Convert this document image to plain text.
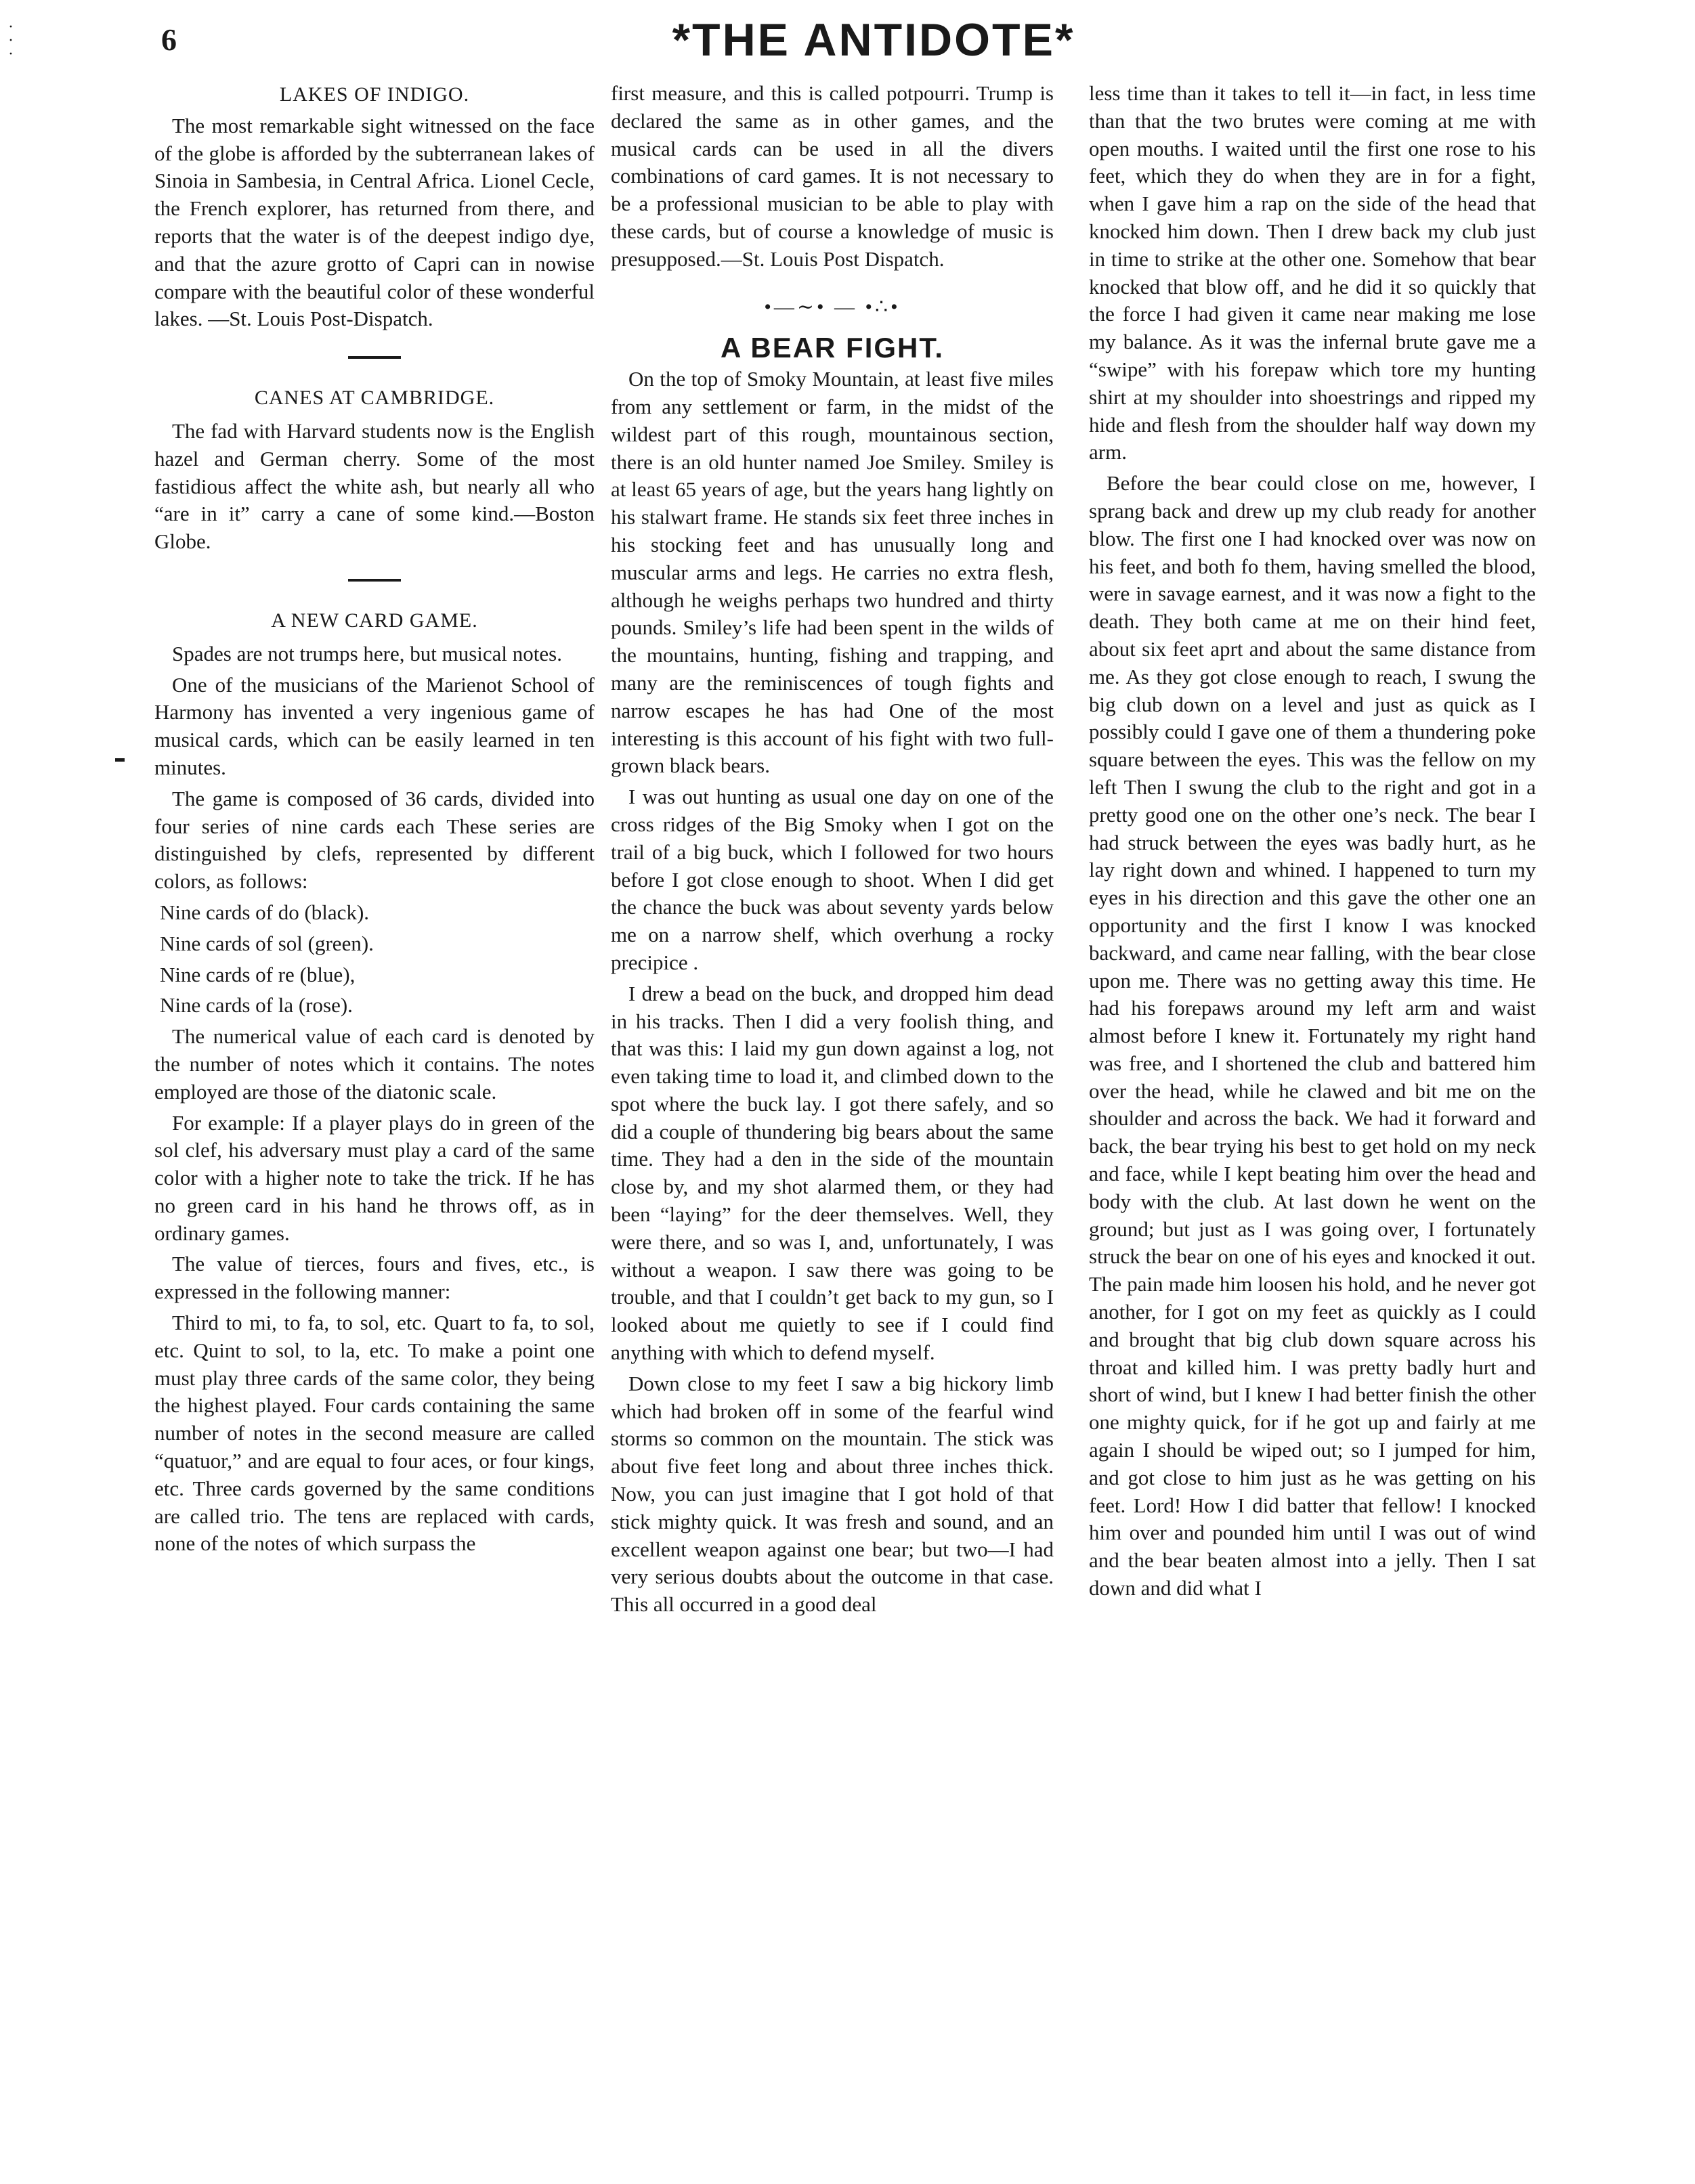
·
·
·	6	*THE ANTIDOTE*

LAKES OF INDIGO.

The most remarkable sight witnessed on the face of the globe is afforded by the subterranean lakes of Sinoia in Sambesia, in Central Africa. Lionel Cecle, the French explorer, has returned from there, and reports that the water is of the deepest indigo dye, and that the azure grotto of Capri can in nowise compare with the beautiful color of these wonderful lakes. —St. Louis Post-Dispatch.

CANES AT CAMBRIDGE.

The fad with Harvard students now is the English hazel and German cherry. Some of the most fastidious affect the white ash, but nearly all who “are in it” carry a cane of some kind.—Boston Globe.

A NEW CARD GAME.

Spades are not trumps here, but musical notes.

One of the musicians of the Marienot School of Harmony has invented a very ingenious game of musical cards, which can be easily learned in ten minutes.

The game is composed of 36 cards, divided into four series of nine cards each These series are distinguished by clefs, represented by different colors, as follows:

Nine cards of do (black).

Nine cards of sol (green).

Nine cards of re (blue),

Nine cards of la (rose).

The numerical value of each card is denoted by the number of notes which it contains. The notes employed are those of the diatonic scale.

For example: If a player plays do in green of the sol clef, his adversary must play a card of the same color with a higher note to take the trick. If he has no green card in his hand he throws off, as in ordinary games.

The value of tierces, fours and fives, etc., is expressed in the following manner:

Third to mi, to fa, to sol, etc. Quart to fa, to sol, etc. Quint to sol, to la, etc. To make a point one must play three cards of the same color, they being the highest played. Four cards containing the same number of notes in the second measure are called “quatuor,” and are equal to four aces, or four kings, etc. Three cards governed by the same conditions are called trio. The tens are replaced with cards, none of the notes of which surpass the

first measure, and this is called potpourri. Trump is declared the same as in other games, and the musical cards can be used in all the divers combinations of card games. It is not necessary to be a professional musician to be able to play with these cards, but of course a knowledge of music is presupposed.—St. Louis Post Dispatch.

•—∼• — •∴•

A BEAR FIGHT.

On the top of Smoky Mountain, at least five miles from any settlement or farm, in the midst of the wildest part of this rough, mountainous section, there is an old hunter named Joe Smiley. Smiley is at least 65 years of age, but the years hang lightly on his stalwart frame. He stands six feet three inches in his stocking feet and has unusually long and muscular arms and legs. He carries no extra flesh, although he weighs perhaps two hundred and thirty pounds. Smiley’s life had been spent in the wilds of the mountains, hunting, fishing and trapping, and many are the reminiscences of tough fights and narrow escapes he has had One of the most interesting is this account of his fight with two full-grown black bears.

I was out hunting as usual one day on one of the cross ridges of the Big Smoky when I got on the trail of a big buck, which I followed for two hours before I got close enough to shoot. When I did get the chance the buck was about seventy yards below me on a narrow shelf, which overhung a rocky precipice .

I drew a bead on the buck, and dropped him dead in his tracks. Then I did a very foolish thing, and that was this: I laid my gun down against a log, not even taking time to load it, and climbed down to the spot where the buck lay. I got there safely, and so did a couple of thundering big bears about the same time. They had a den in the side of the mountain close by, and my shot alarmed them, or they had been “laying” for the deer themselves. Well, they were there, and so was I, and, unfortunately, I was without a weapon. I saw there was going to be trouble, and that I couldn’t get back to my gun, so I looked about me quietly to see if I could find anything with which to defend myself.

Down close to my feet I saw a big hickory limb which had broken off in some of the fearful wind storms so common on the mountain. The stick was about five feet long and about three inches thick. Now, you can just imagine that I got hold of that stick mighty quick. It was fresh and sound, and an excellent weapon against one bear; but two—I had very serious doubts about the outcome in that case. This all occurred in a good deal

less time than it takes to tell it—in fact, in less time than that the two brutes were coming at me with open mouths. I waited until the first one rose to his feet, which they do when they are in for a fight, when I gave him a rap on the side of the head that knocked him down. Then I drew back my club just in time to strike at the other one. Somehow that bear knocked that blow off, and he did it so quickly that the force I had given it came near making me lose my balance. As it was the infernal brute gave me a “swipe” with his forepaw which tore my hunting shirt at my shoulder into shoestrings and ripped my hide and flesh from the shoulder half way down my arm.

Before the bear could close on me, however, I sprang back and drew up my club ready for another blow. The first one I had knocked over was now on his feet, and both fo them, having smelled the blood, were in savage earnest, and it was now a fight to the death. They both came at me on their hind feet, about six feet aprt and about the same distance from me. As they got close enough to reach, I swung the big club down on a level and just as quick as I possibly could I gave one of them a thundering poke square between the eyes. This was the fellow on my left Then I swung the club to the right and got in a pretty good one on the other one’s neck. The bear I had struck between the eyes was badly hurt, as he lay right down and whined. I happened to turn my eyes in his direction and this gave the other one an opportunity and the first I know I was knocked backward, and came near falling, with the bear close upon me. There was no getting away this time. He had his forepaws around my left arm and waist almost before I knew it. Fortunately my right hand was free, and I shortened the club and battered him over the head, while he clawed and bit me on the shoulder and across the back. We had it forward and back, the bear trying his best to get hold on my neck and face, while I kept beating him over the head and body with the club. At last down he went on the ground; but just as I was going over, I fortunately struck the bear on one of his eyes and knocked it out. The pain made him loosen his hold, and he never got another, for I got on my feet as quickly as I could and brought that big club down square across his throat and killed him. I was pretty badly hurt and short of wind, but I knew I had better finish the other one mighty quick, for if he got up and fairly at me again I should be wiped out; so I jumped for him, and got close to him just as he was getting on his feet. Lord! How I did batter that fellow! I knocked him over and pounded him until I was out of wind and the bear beaten almost into a jelly. Then I sat down and did what I
